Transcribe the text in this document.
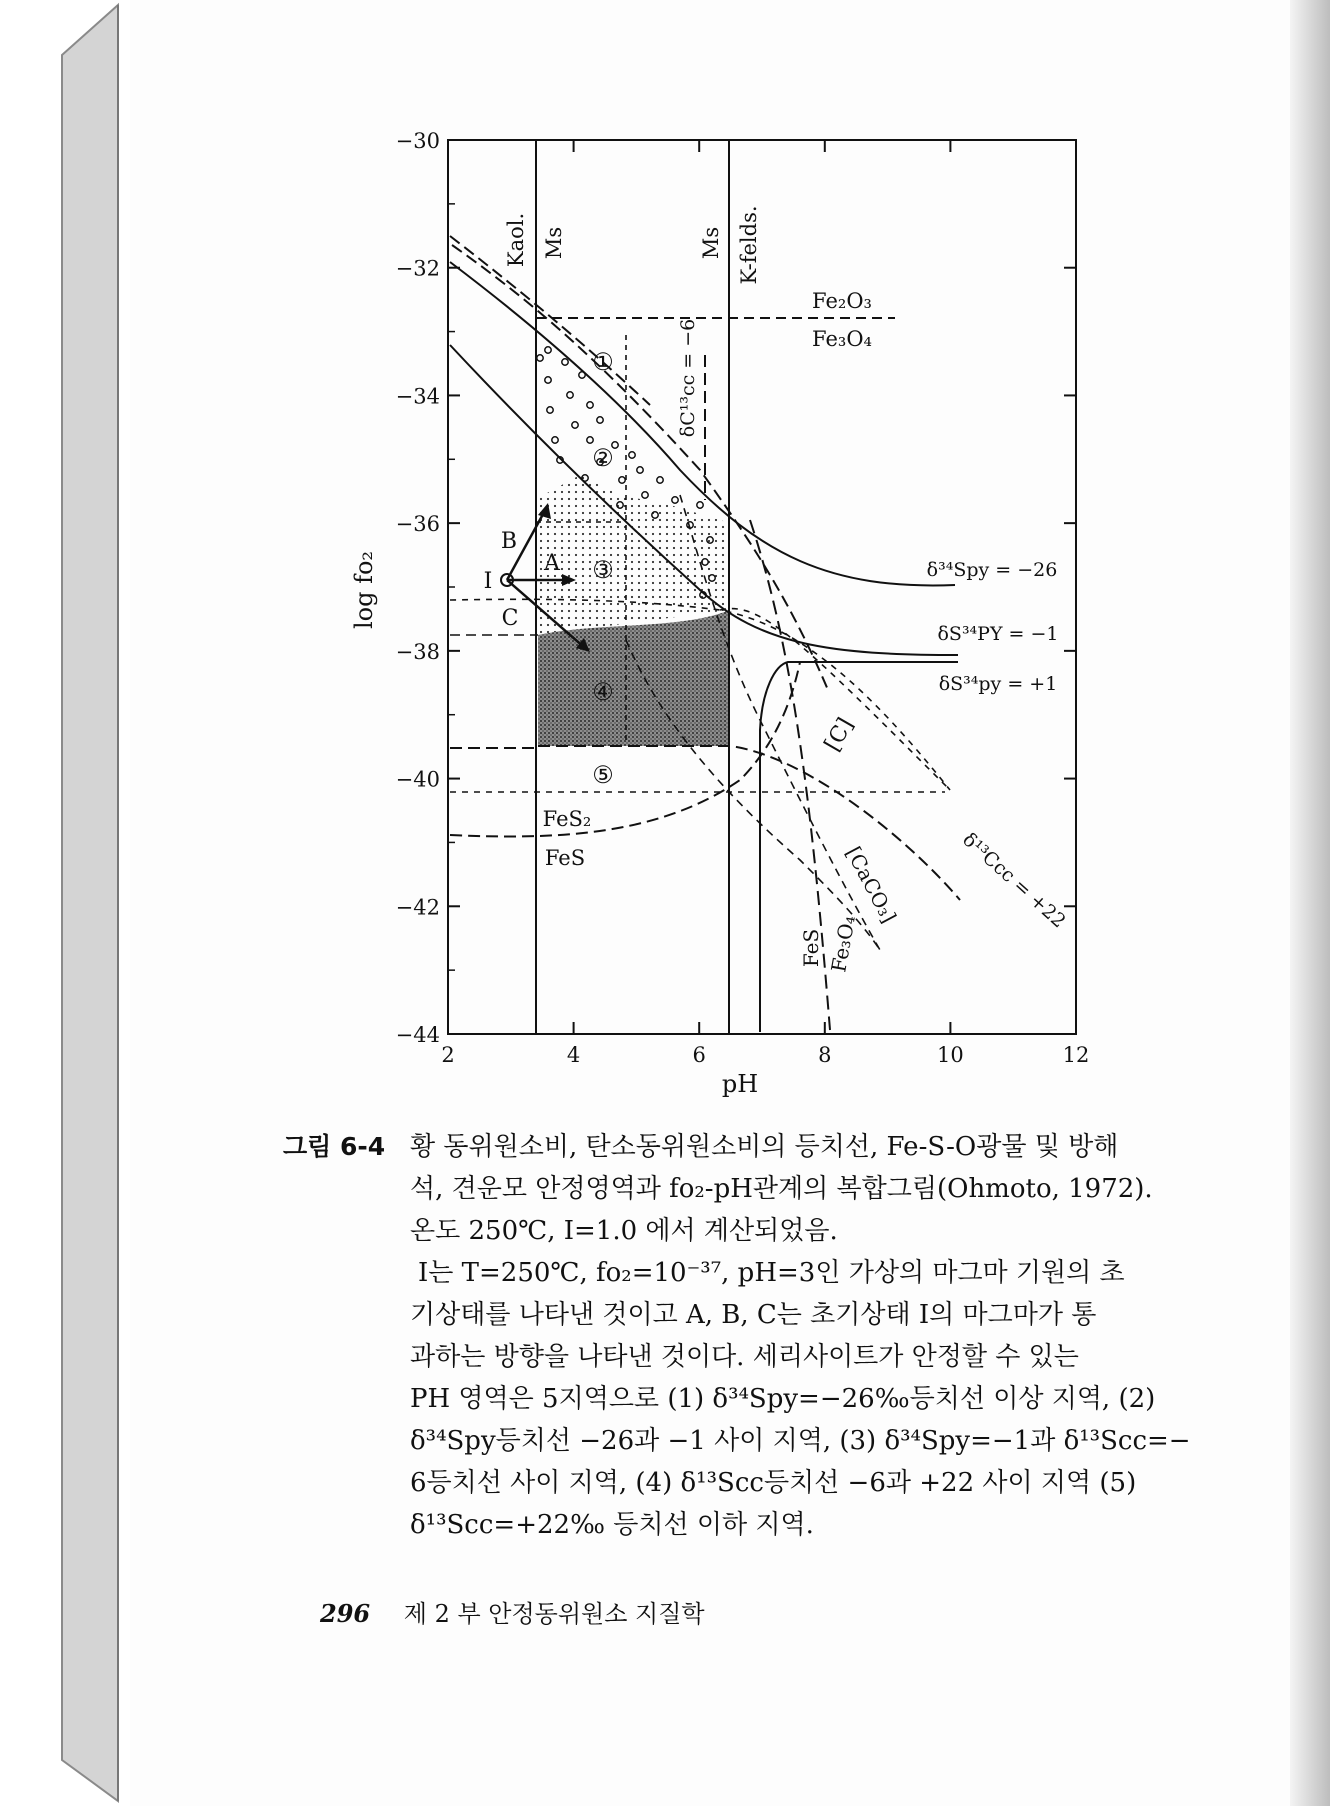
2	4	6	8	10	12
−30
−32
−34
−36
−38
−40
−42
−44
pH
log fo₂
Kaol. Ms	Ms K-felds.
Fe₂O₃
Fe₃O₄
FeS₂
FeS
FeS Fe₃O₄
[C]
[CaCO₃]
δ³⁴Spy = −26
δS³⁴PY = −1
δS³⁴py = +1
δC¹³cc = −6
δ¹³Ccc = +22
①
②
③
④
⑤
I
A
B
C
그림 6-4 황 동위원소비, 탄소동위원소비의 등치선, Fe-S-O광물 및 방해

석, 견운모 안정영역과 fo₂-pH관계의 복합그림(Ohmoto, 1972).

온도 250℃, I=1.0 에서 계산되었음.

I는 T=250℃, fo₂=10⁻³⁷, pH=3인 가상의 마그마 기원의 초

기상태를 나타낸 것이고 A, B, C는 초기상태 I의 마그마가 통

과하는 방향을 나타낸 것이다. 세리사이트가 안정할 수 있는

PH 영역은 5지역으로 (1) δ³⁴Spy=−26‰등치선 이상 지역, (2)

δ³⁴Spy등치선 −26과 −1 사이 지역, (3) δ³⁴Spy=−1과 δ¹³Scc=−

6등치선 사이 지역, (4) δ¹³Scc등치선 −6과 +22 사이 지역 (5)

δ¹³Scc=+22‰ 등치선 이하 지역.

296 제 2 부 안정동위원소 지질학
